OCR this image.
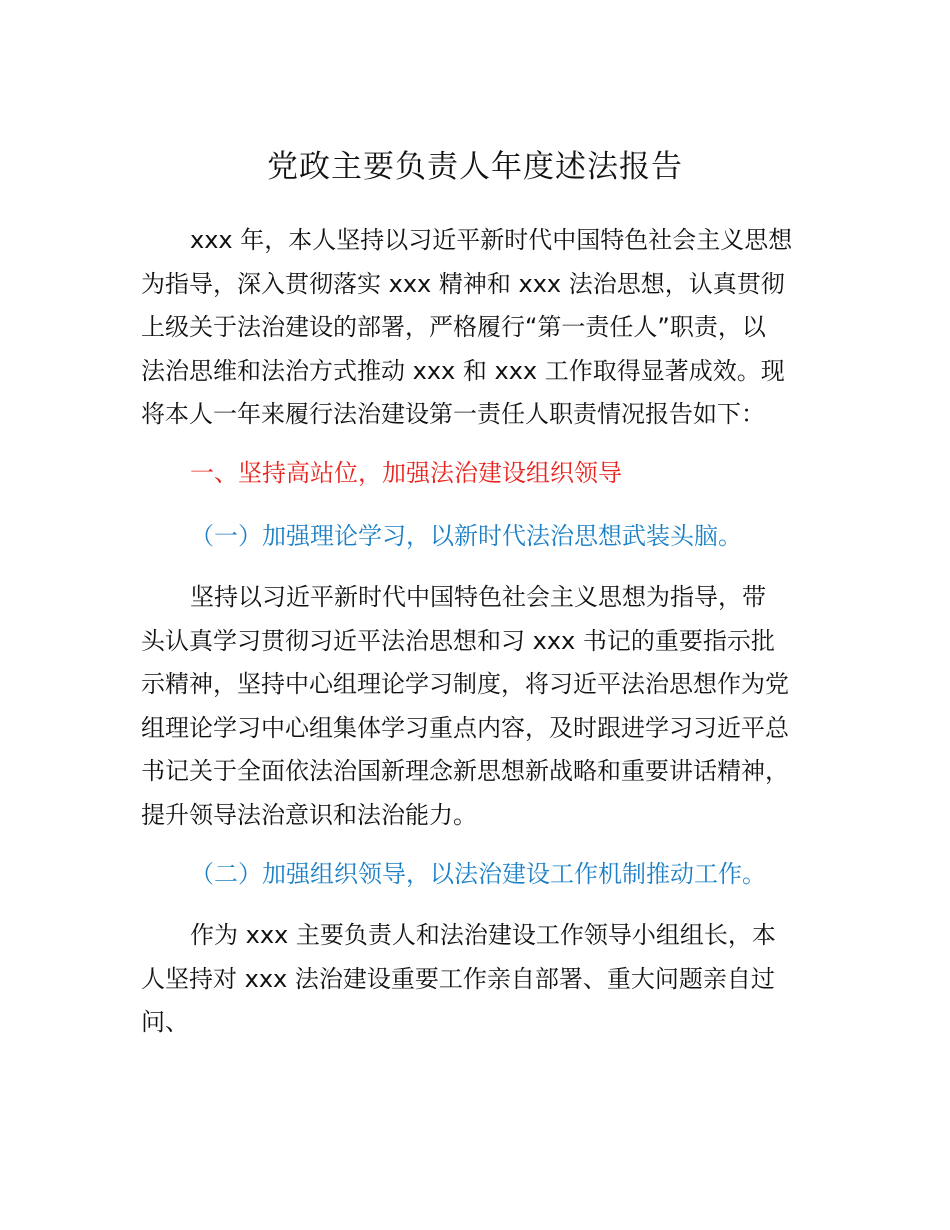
党政主要负责人年度述法报告
xxx 年，本人坚持以习近平新时代中国特色社会主义思想
为指导，深入贯彻落实 xxx 精神和 xxx 法治思想，认真贯彻
上级关于法治建设的部署，严格履行“第一责任人”职责，以
法治思维和法治方式推动 xxx 和 xxx 工作取得显著成效。现
将本人一年来履行法治建设第一责任人职责情况报告如下：
一、坚持高站位，加强法治建设组织领导
（一）加强理论学习，以新时代法治思想武装头脑。
坚持以习近平新时代中国特色社会主义思想为指导，带
头认真学习贯彻习近平法治思想和习 xxx 书记的重要指示批
示精神，坚持中心组理论学习制度，将习近平法治思想作为党
组理论学习中心组集体学习重点内容，及时跟进学习习近平总
书记关于全面依法治国新理念新思想新战略和重要讲话精神，
提升领导法治意识和法治能力。
（二）加强组织领导，以法治建设工作机制推动工作。
作为 xxx 主要负责人和法治建设工作领导小组组长，本
人坚持对 xxx 法治建设重要工作亲自部署、重大问题亲自过
问、
